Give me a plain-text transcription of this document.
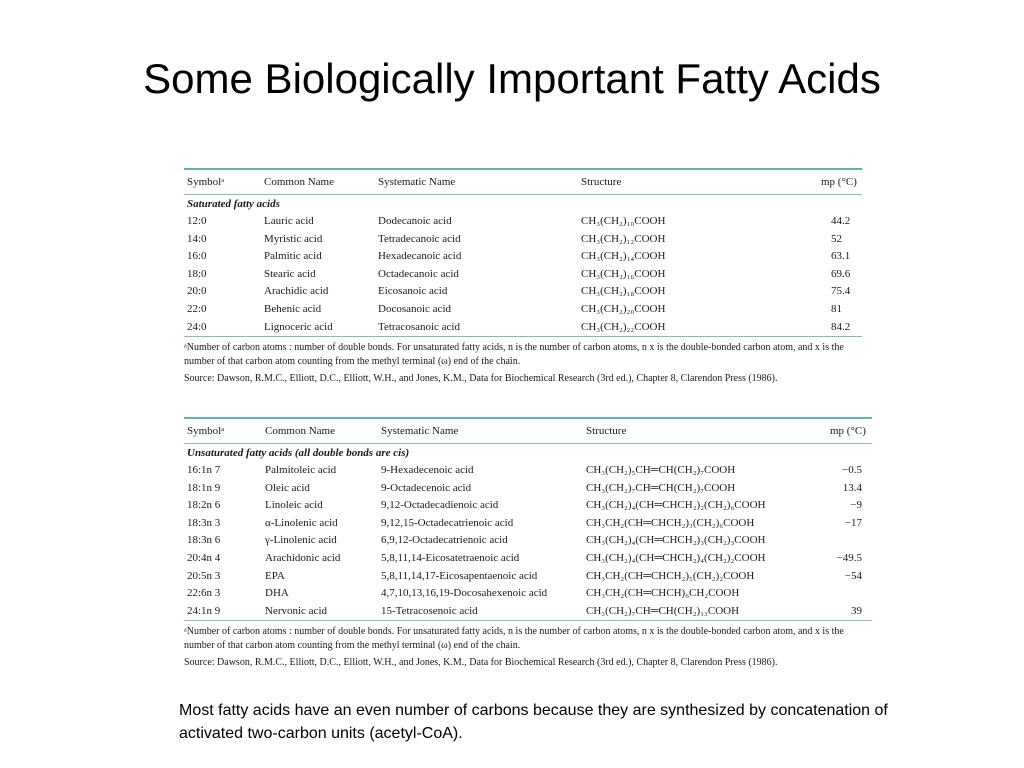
Some Biologically Important Fatty Acids
Symbolᵃ	Common Name	Systematic Name	Structure	mp (°C)
Saturated fatty acids
12:0	Lauric acid	Dodecanoic acid	CH₃(CH₂)₁₀COOH	44.2
14:0	Myristic acid	Tetradecanoic acid	CH₃(CH₂)₁₂COOH	52
16:0	Palmitic acid	Hexadecanoic acid	CH₃(CH₂)₁₄COOH	63.1
18:0	Stearic acid	Octadecanoic acid	CH₃(CH₂)₁₆COOH	69.6
20:0	Arachidic acid	Eicosanoic acid	CH₃(CH₂)₁₈COOH	75.4
22:0	Behenic acid	Docosanoic acid	CH₃(CH₂)₂₀COOH	81
24:0	Lignoceric acid	Tetracosanoic acid	CH₃(CH₂)₂₂COOH	84.2

ᵃNumber of carbon atoms : number of double bonds. For unsaturated fatty acids, n is the number of carbon atoms, n x is the double-bonded carbon atom, and x is the number of that carbon atom counting from the methyl terminal (ω) end of the chain.

Source: Dawson, R.M.C., Elliott, D.C., Elliott, W.H., and Jones, K.M., Data for Biochemical Research (3rd ed.), Chapter 8, Clarendon Press (1986).

Symbolᵃ	Common Name	Systematic Name	Structure	mp (°C)
Unsaturated fatty acids (all double bonds are cis)
16:1n 7	Palmitoleic acid	9-Hexadecenoic acid	CH₃(CH₂)₅CH═CH(CH₂)₇COOH	−0.5
18:1n 9	Oleic acid	9-Octadecenoic acid	CH₃(CH₂)₇CH═CH(CH₂)₇COOH	13.4
18:2n 6	Linoleic acid	9,12-Octadecadienoic acid	CH₃(CH₂)₄(CH═CHCH₂)₂(CH₂)₆COOH	−9
18:3n 3	α-Linolenic acid	9,12,15-Octadecatrienoic acid	CH₃CH₂(CH═CHCH₂)₃(CH₂)₆COOH	−17
18:3n 6	γ-Linolenic acid	6,9,12-Octadecatrienoic acid	CH₃(CH₂)₄(CH═CHCH₂)₃(CH₂)₃COOH
20:4n 4	Arachidonic acid	5,8,11,14-Eicosatetraenoic acid	CH₃(CH₂)₄(CH═CHCH₂)₄(CH₂)₂COOH	−49.5
20:5n 3	EPA	5,8,11,14,17-Eicosapentaenoic acid	CH₃CH₂(CH═CHCH₂)₅(CH₂)₂COOH	−54
22:6n 3	DHA	4,7,10,13,16,19-Docosahexenoic acid	CH₃CH₂(CH═CHCH)₆CH₂COOH
24:1n 9	Nervonic acid	15-Tetracosenoic acid	CH₃(CH₂)₇CH═CH(CH₂)₁₃COOH	39

ᵃNumber of carbon atoms : number of double bonds. For unsaturated fatty acids, n is the number of carbon atoms, n x is the double-bonded carbon atom, and x is the number of that carbon atom counting from the methyl terminal (ω) end of the chain.

Source: Dawson, R.M.C., Elliott, D.C., Elliott, W.H., and Jones, K.M., Data for Biochemical Research (3rd ed.), Chapter 8, Clarendon Press (1986).

Most fatty acids have an even number of carbons because they are synthesized by concatenation of activated two-carbon units (acetyl-CoA).
